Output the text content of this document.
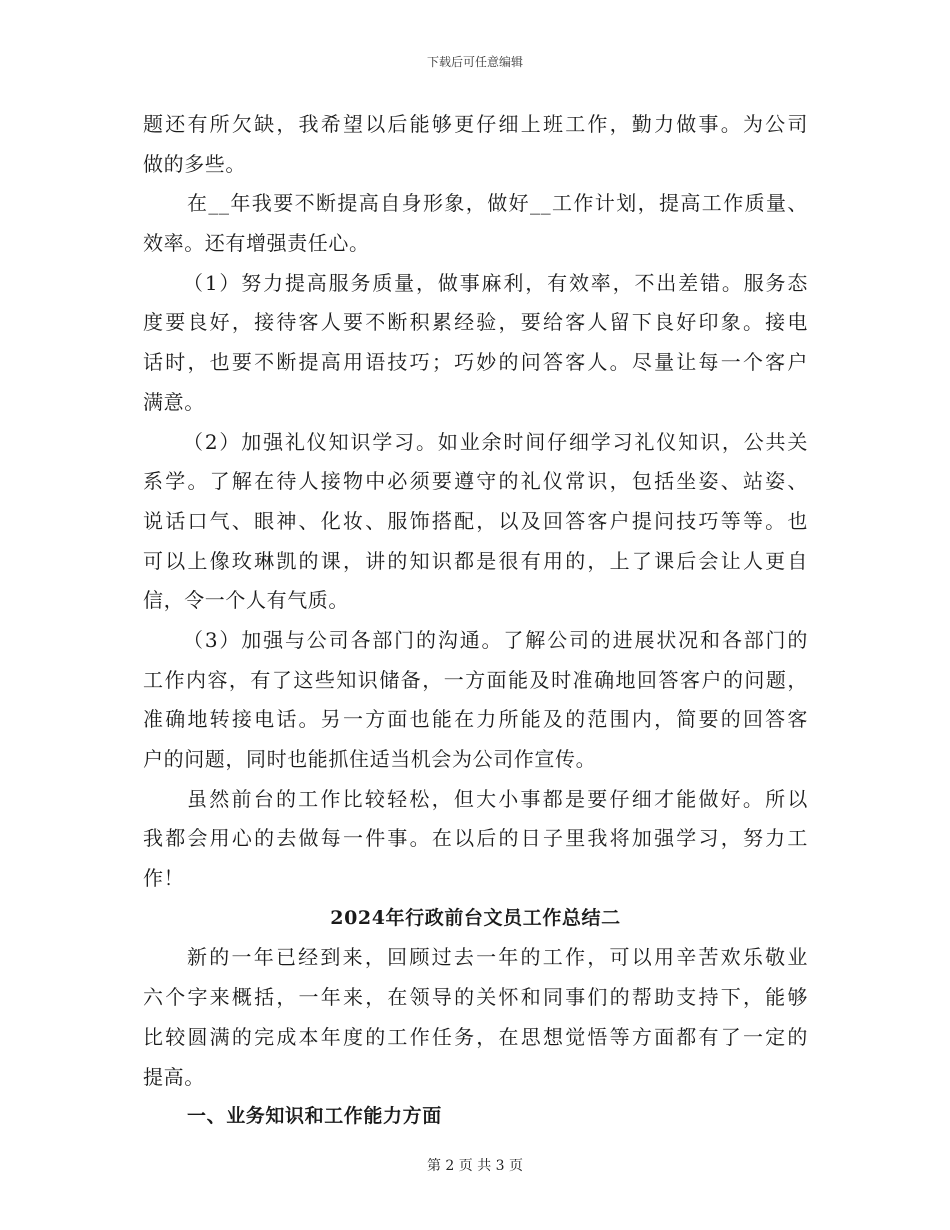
下载后可任意编辑
题还有所欠缺，我希望以后能够更仔细上班工作，勤力做事。为公司
做的多些。
在__年我要不断提高自身形象，做好__工作计划，提高工作质量、
效率。还有增强责任心。
（1）努力提高服务质量，做事麻利，有效率，不出差错。服务态
度要良好，接待客人要不断积累经验，要给客人留下良好印象。接电
话时，也要不断提高用语技巧；巧妙的问答客人。尽量让每一个客户
满意。
（2）加强礼仪知识学习。如业余时间仔细学习礼仪知识，公共关
系学。了解在待人接物中必须要遵守的礼仪常识，包括坐姿、站姿、
说话口气、眼神、化妆、服饰搭配，以及回答客户提问技巧等等。也
可以上像玫琳凯的课，讲的知识都是很有用的，上了课后会让人更自
信，令一个人有气质。
（3）加强与公司各部门的沟通。了解公司的进展状况和各部门的
工作内容，有了这些知识储备，一方面能及时准确地回答客户的问题，
准确地转接电话。另一方面也能在力所能及的范围内，简要的回答客
户的问题，同时也能抓住适当机会为公司作宣传。
虽然前台的工作比较轻松，但大小事都是要仔细才能做好。所以
我都会用心的去做每一件事。在以后的日子里我将加强学习，努力工
作！
2024年行政前台文员工作总结二
新的一年已经到来，回顾过去一年的工作，可以用辛苦欢乐敬业
六个字来概括，一年来，在领导的关怀和同事们的帮助支持下，能够
比较圆满的完成本年度的工作任务，在思想觉悟等方面都有了一定的
提高。
一、业务知识和工作能力方面
第 2 页 共 3 页
